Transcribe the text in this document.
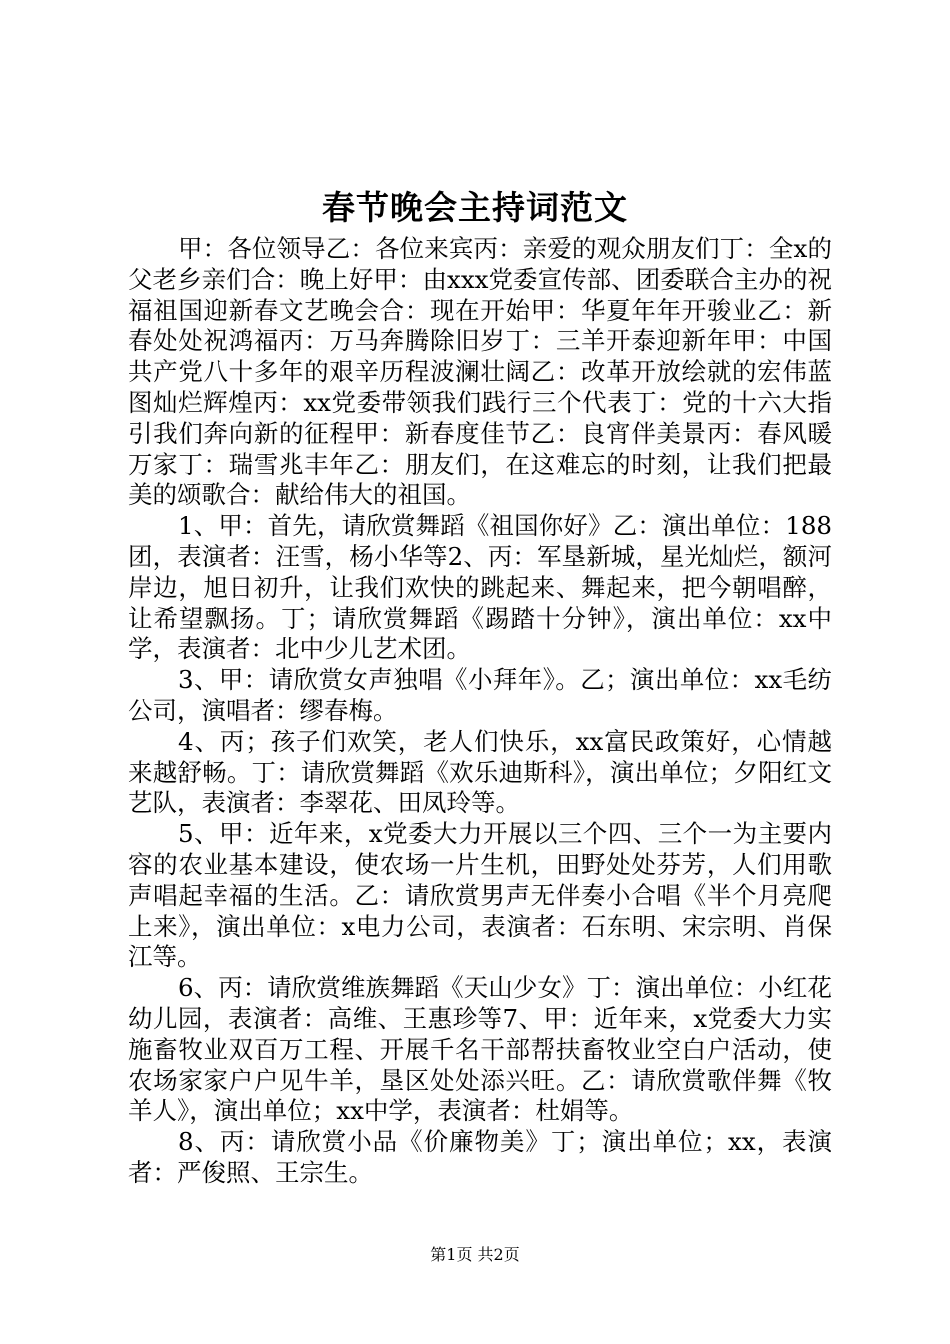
春节晚会主持词范文

甲：各位领导乙：各位来宾丙：亲爱的观众朋友们丁：全x的父老乡亲们合：晚上好甲：由xxx党委宣传部、团委联合主办的祝福祖国迎新春文艺晚会合：现在开始甲：华夏年年开骏业乙：新春处处祝鸿福丙：万马奔腾除旧岁丁：三羊开泰迎新年甲：中国共产党八十多年的艰辛历程波澜壮阔乙：改革开放绘就的宏伟蓝图灿烂辉煌丙：xx党委带领我们践行三个代表丁：党的十六大指引我们奔向新的征程甲：新春度佳节乙：良宵伴美景丙：春风暖万家丁：瑞雪兆丰年乙：朋友们，在这难忘的时刻，让我们把最美的颂歌合：献给伟大的祖国。

1、甲：首先，请欣赏舞蹈《祖国你好》乙：演出单位：188团，表演者：汪雪，杨小华等2、丙：军垦新城，星光灿烂，额河岸边，旭日初升，让我们欢快的跳起来、舞起来，把今朝唱醉，让希望飘扬。丁；请欣赏舞蹈《踢踏十分钟》，演出单位：xx中学，表演者：北中少儿艺术团。

3、甲：请欣赏女声独唱《小拜年》。乙；演出单位：xx毛纺公司，演唱者：缪春梅。

4、丙；孩子们欢笑，老人们快乐，xx富民政策好，心情越来越舒畅。丁：请欣赏舞蹈《欢乐迪斯科》，演出单位；夕阳红文艺队，表演者：李翠花、田凤玲等。

5、甲：近年来，x党委大力开展以三个四、三个一为主要内容的农业基本建设，使农场一片生机，田野处处芬芳，人们用歌声唱起幸福的生活。乙：请欣赏男声无伴奏小合唱《半个月亮爬上来》，演出单位：x电力公司，表演者：石东明、宋宗明、肖保江等。

6、丙：请欣赏维族舞蹈《天山少女》丁：演出单位：小红花幼儿园，表演者：高维、王惠珍等7、甲：近年来，x党委大力实施畜牧业双百万工程、开展千名干部帮扶畜牧业空白户活动，使农场家家户户见牛羊，垦区处处添兴旺。乙：请欣赏歌伴舞《牧羊人》，演出单位；xx中学，表演者：杜娟等。

8、丙：请欣赏小品《价廉物美》丁；演出单位；xx，表演者：严俊照、王宗生。

第1页 共2页
